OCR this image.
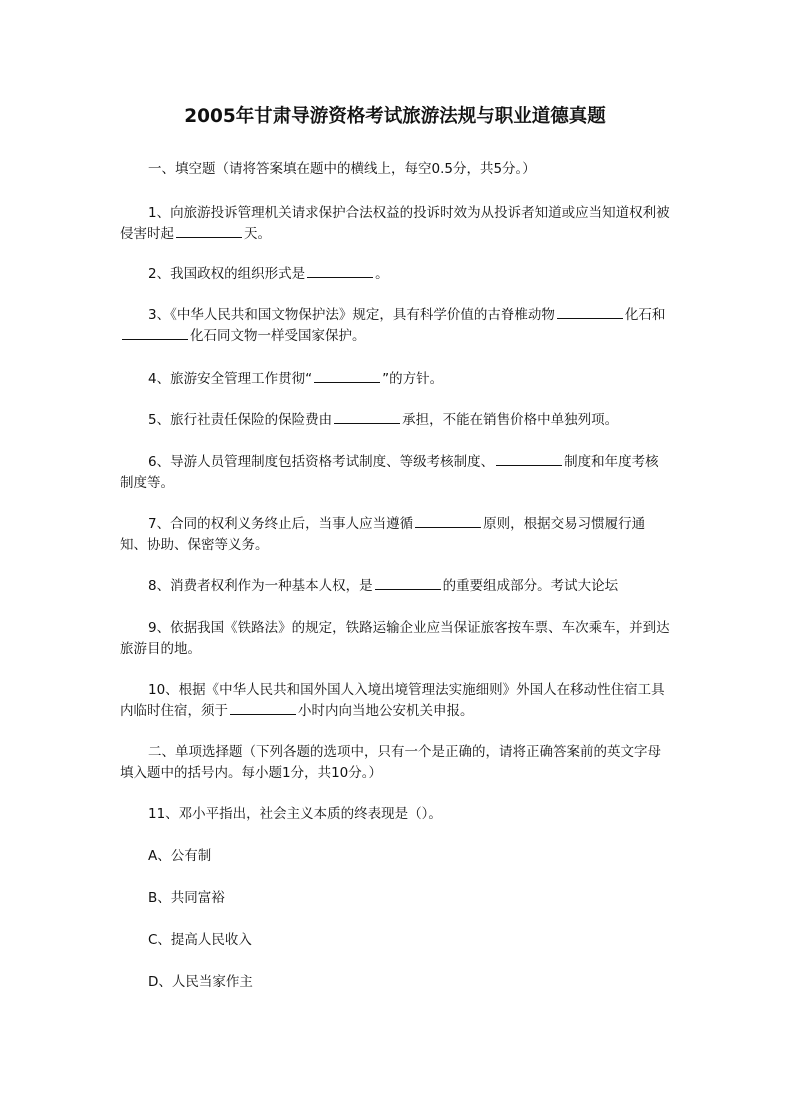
2005年甘肃导游资格考试旅游法规与职业道德真题

一、填空题（请将答案填在题中的横线上，每空0.5分，共5分。）

1、向旅游投诉管理机关请求保护合法权益的投诉时效为从投诉者知道或应当知道权利被侵害时起	天。

2、我国政权的组织形式是	。

3、《中华人民共和国文物保护法》规定，具有科学价值的古脊椎动物	化石和化石同文物一样受国家保护。

4、旅游安全管理工作贯彻“	”的方针。

5、旅行社责任保险的保险费由	承担，不能在销售价格中单独列项。

6、导游人员管理制度包括资格考试制度、等级考核制度、	制度和年度考核制度等。

7、合同的权利义务终止后，当事人应当遵循	原则，根据交易习惯履行通知、协助、保密等义务。

8、消费者权利作为一种基本人权，是	的重要组成部分。考试大论坛

9、依据我国《铁路法》的规定，铁路运输企业应当保证旅客按车票、车次乘车，并到达旅游目的地。

10、根据《中华人民共和国外国人入境出境管理法实施细则》外国人在移动性住宿工具内临时住宿，须于	小时内向当地公安机关申报。

二、单项选择题（下列各题的选项中，只有一个是正确的，请将正确答案前的英文字母填入题中的括号内。每小题1分，共10分。）

11、邓小平指出，社会主义本质的终表现是（）。

A、公有制

B、共同富裕

C、提高人民收入

D、人民当家作主
